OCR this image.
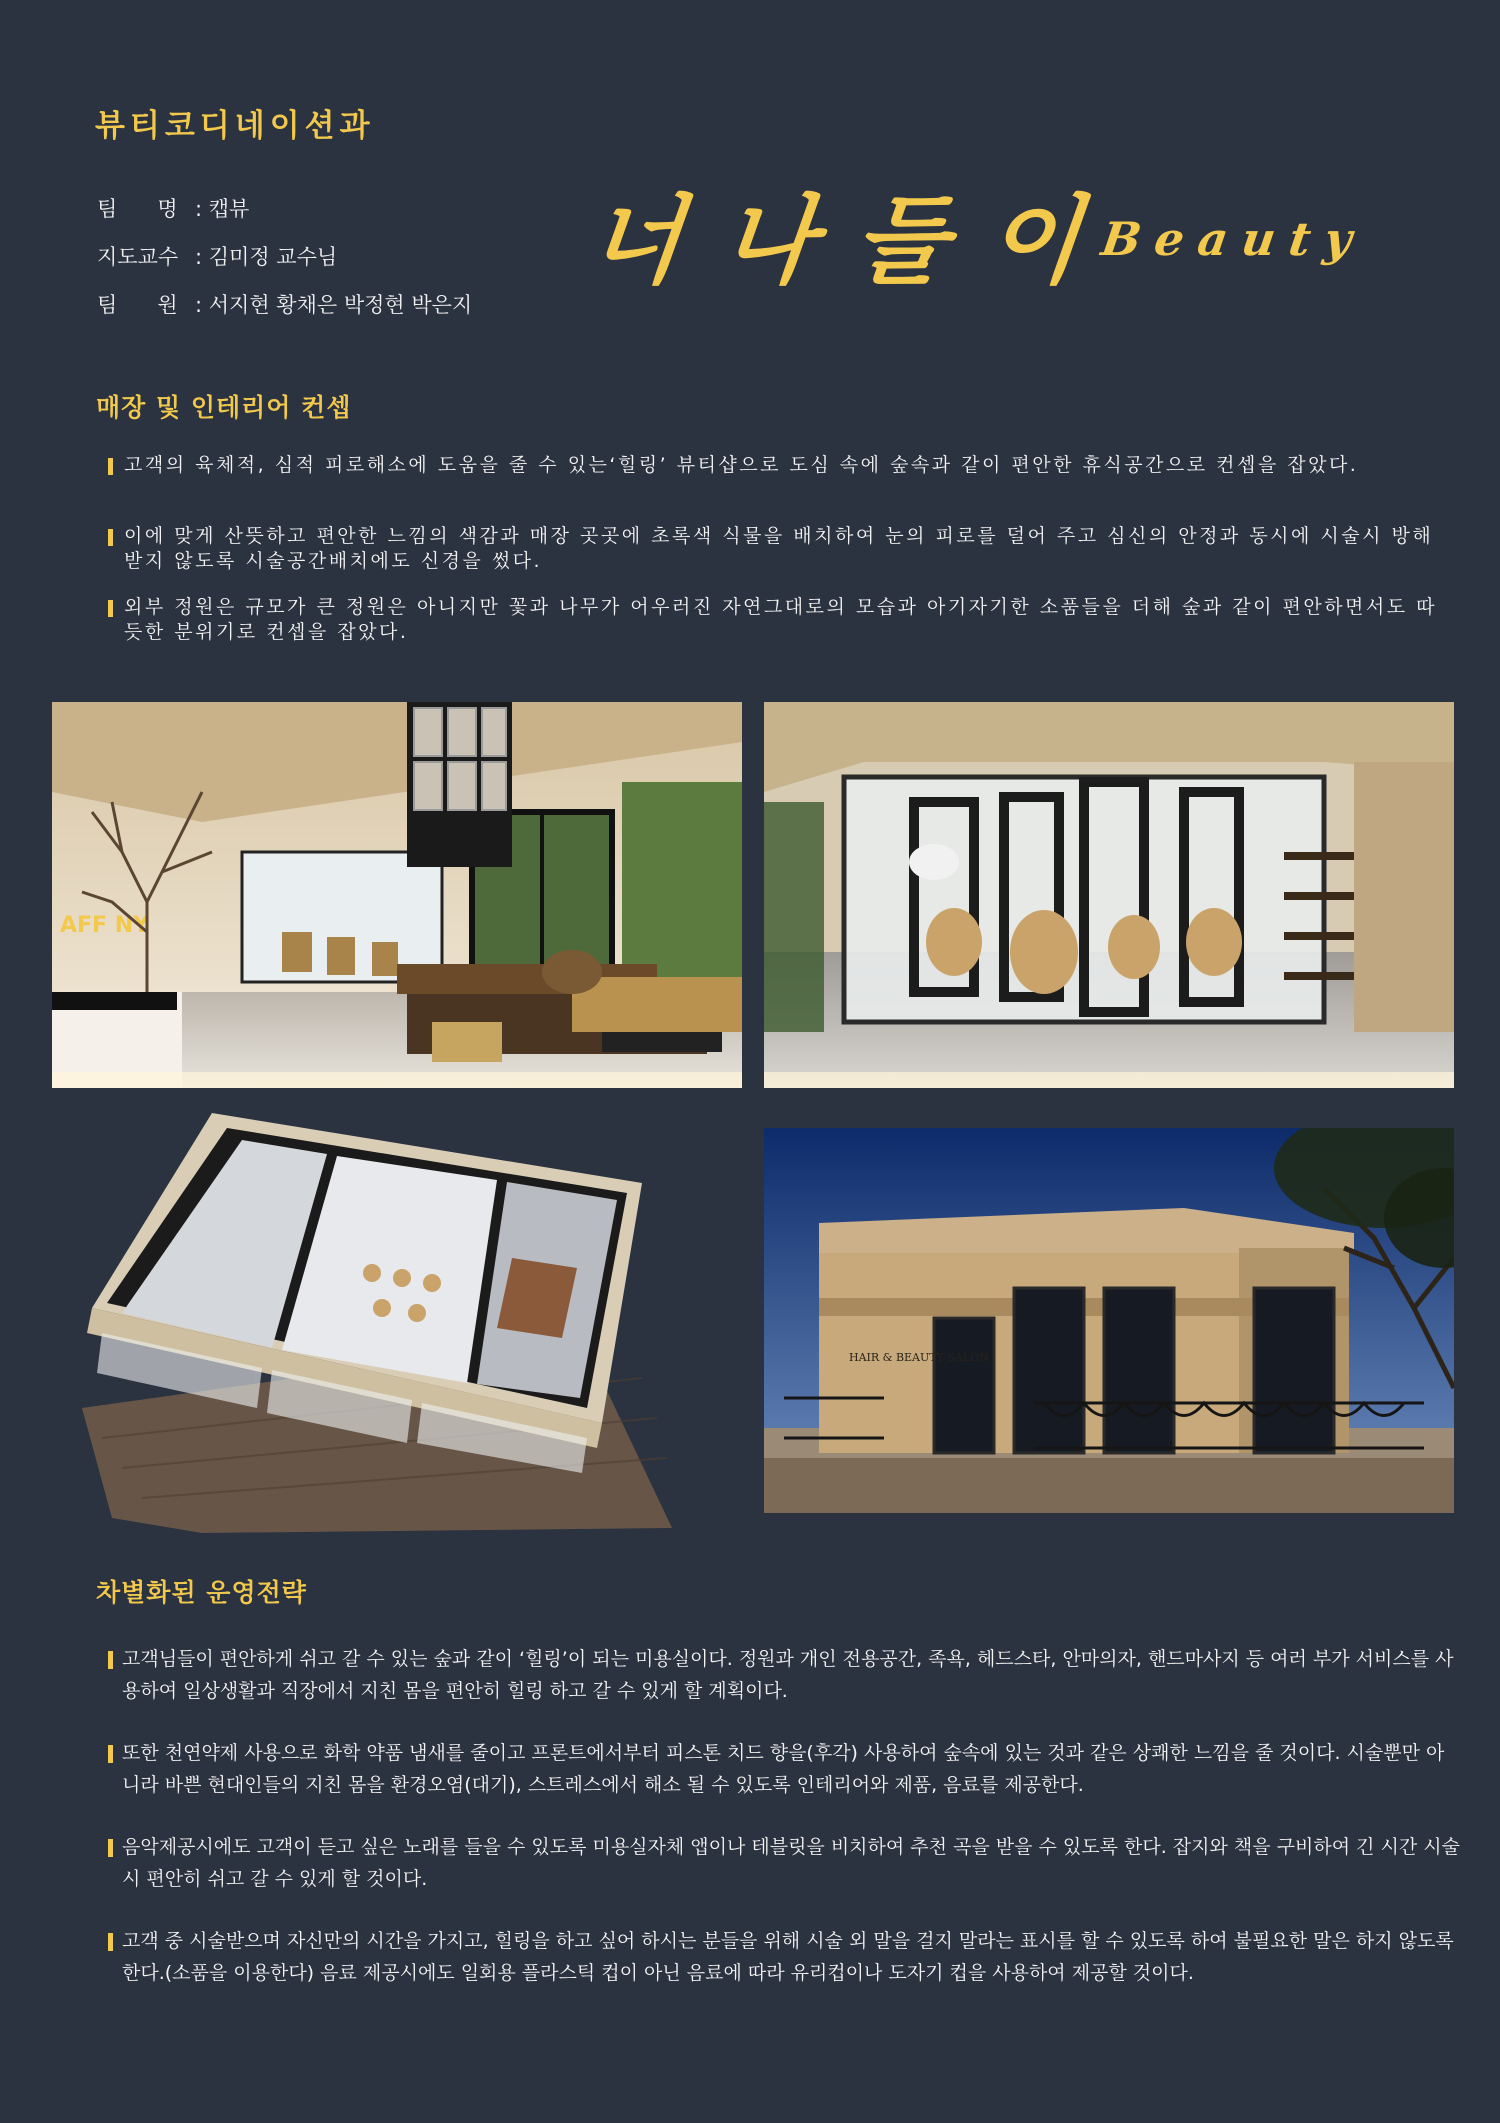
뷰티코디네이션과
팀      명 : 캡뷰
지도교수 : 김미정 교수님
팀      원 : 서지현 황채은 박정현 박은지
너나들이
Beauty
매장 및 인테리어 컨셉
고객의 육체적, 심적 피로해소에 도움을 줄 수 있는‘힐링’ 뷰티샵으로 도심 속에 숲속과 같이 편안한 휴식공간으로 컨셉을 잡았다.
이에 맞게 산뜻하고 편안한 느낌의 색감과 매장 곳곳에 초록색 식물을 배치하여 눈의 피로를 덜어 주고 심신의 안정과 동시에 시술시 방해받지 않도록 시술공간배치에도 신경을 썼다.
외부 정원은 규모가 큰 정원은 아니지만 꽃과 나무가 어우러진 자연그대로의 모습과 아기자기한 소품들을 더해 숲과 같이 편안하면서도 따듯한 분위기로 컨셉을 잡았다.
AFF NY
HAIR & BEAUTY SALON
차별화된 운영전략
고객님들이 편안하게 쉬고 갈 수 있는 숲과 같이 ‘힐링’이 되는 미용실이다. 정원과 개인 전용공간, 족욕, 헤드스타, 안마의자, 핸드마사지 등 여러 부가 서비스를 사용하여 일상생활과 직장에서 지친 몸을 편안히 힐링 하고 갈 수 있게 할 계획이다.
또한 천연약제 사용으로 화학 약품 냄새를 줄이고 프론트에서부터 피스톤 치드 향을(후각) 사용하여 숲속에 있는 것과 같은 상쾌한 느낌을 줄 것이다. 시술뿐만 아니라 바쁜 현대인들의 지친 몸을 환경오염(대기), 스트레스에서 해소 될 수 있도록 인테리어와 제품, 음료를 제공한다.
음악제공시에도 고객이 듣고 싶은 노래를 들을 수 있도록 미용실자체 앱이나 테블릿을 비치하여 추천 곡을 받을 수 있도록 한다. 잡지와 책을 구비하여 긴 시간 시술 시 편안히 쉬고 갈 수 있게 할 것이다.
고객 중 시술받으며 자신만의 시간을 가지고, 힐링을 하고 싶어 하시는 분들을 위해 시술 외 말을 걸지 말라는 표시를 할 수 있도록 하여 불필요한 말은 하지 않도록 한다.(소품을 이용한다) 음료 제공시에도 일회용 플라스틱 컵이 아닌 음료에 따라 유리컵이나 도자기 컵을 사용하여 제공할 것이다.
